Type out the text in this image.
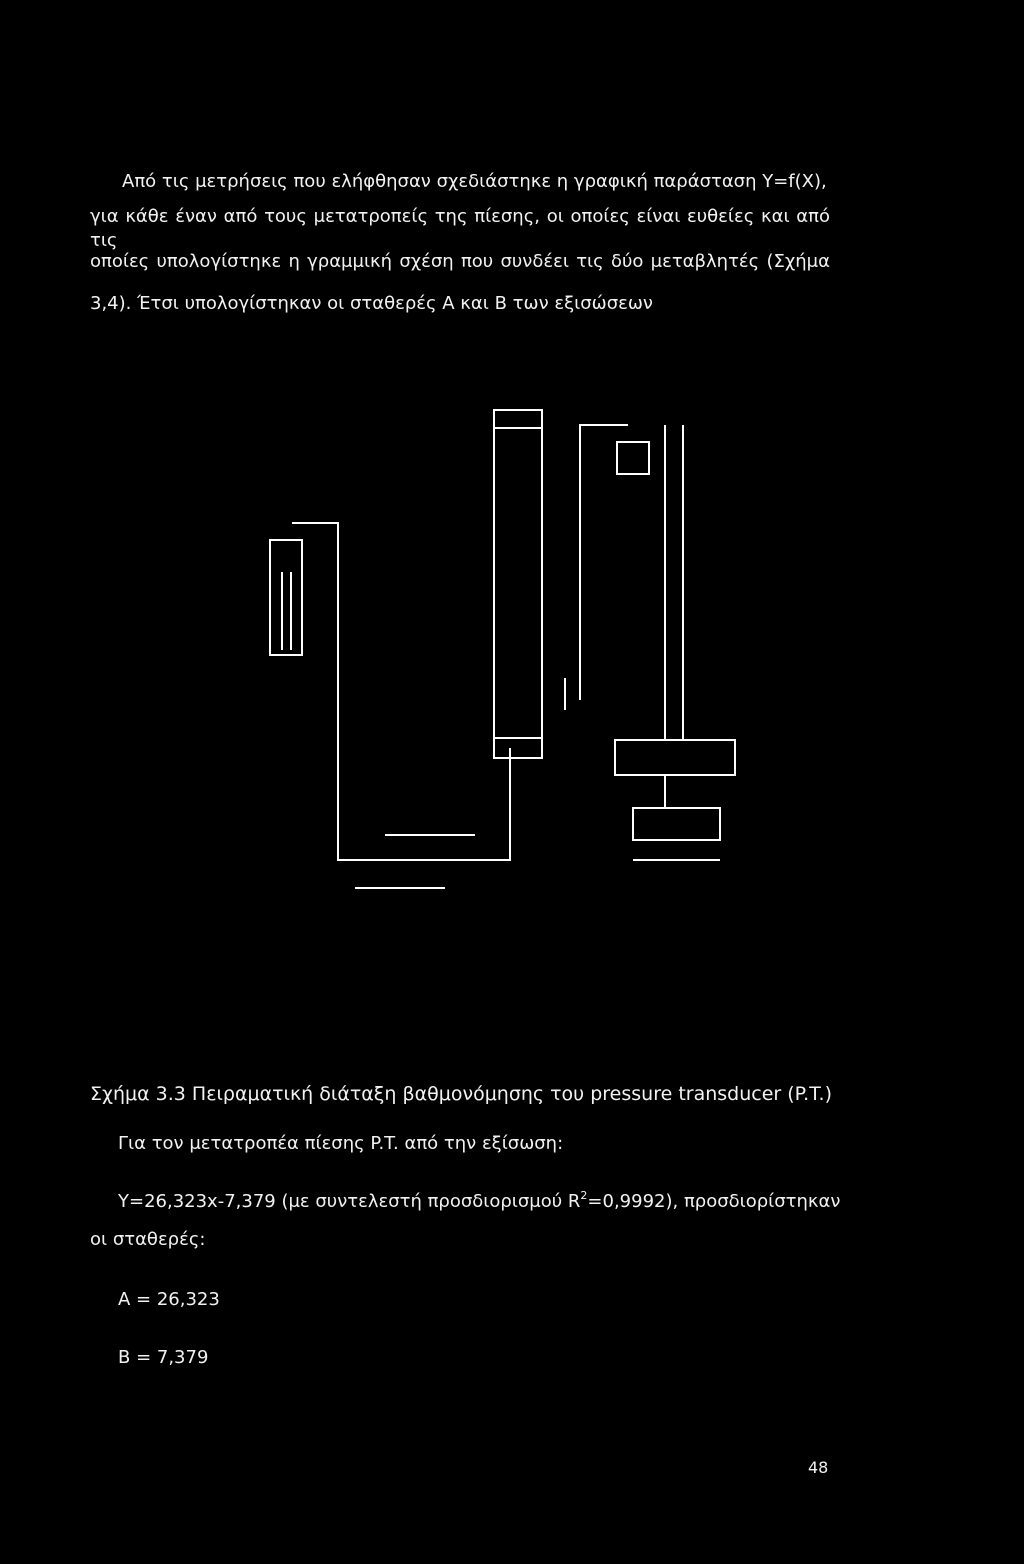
Από τις μετρήσεις που ελήφθησαν σχεδιάστηκε η γραφική παράσταση Y=f(X),
για κάθε έναν από τους μετατροπείς της πίεσης, οι οποίες είναι ευθείες και από τις
οποίες υπολογίστηκε η γραμμική σχέση που συνδέει τις δύο μεταβλητές (Σχήμα
3,4). Έτσι υπολογίστηκαν οι σταθερές Α και Β των εξισώσεων
Σχήμα 3.3 Πειραματική διάταξη βαθμονόμησης του pressure transducer (P.T.)
Για τον μετατροπέα πίεσης P.T. από την εξίσωση:
Y=26,323x-7,379 (με συντελεστή προσδιορισμού $R^2=0,9992$), προσδιορίστηκαν
οι σταθερές:
A = 26,323
B = 7,379
48
